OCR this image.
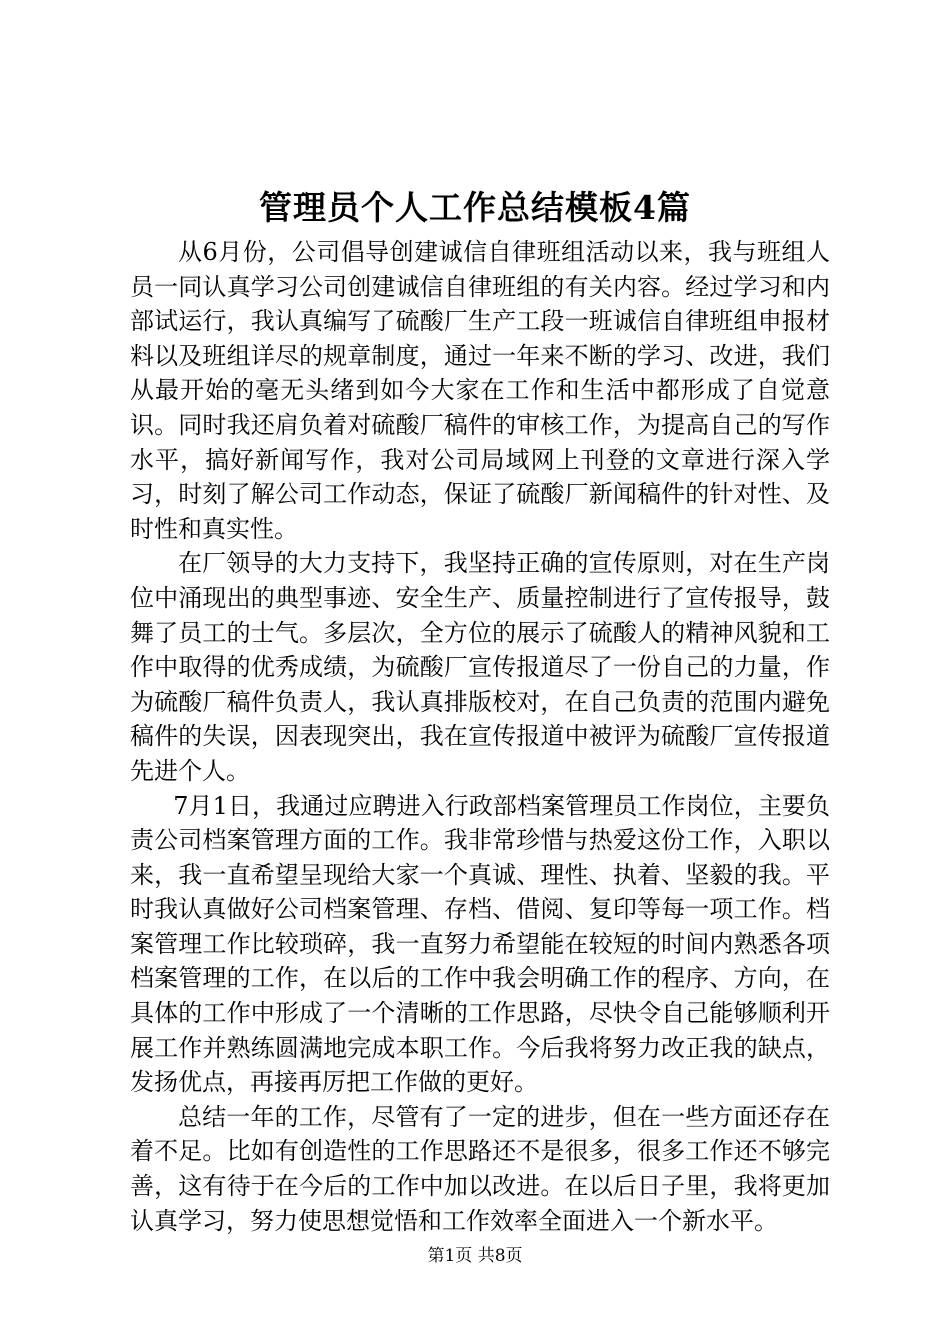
管理员个人工作总结模板4篇

从6月份，公司倡导创建诚信自律班组活动以来，我与班组人员一同认真学习公司创建诚信自律班组的有关内容。经过学习和内部试运行，我认真编写了硫酸厂生产工段一班诚信自律班组申报材料以及班组详尽的规章制度，通过一年来不断的学习、改进，我们从最开始的毫无头绪到如今大家在工作和生活中都形成了自觉意识。同时我还肩负着对硫酸厂稿件的审核工作，为提高自己的写作水平，搞好新闻写作，我对公司局域网上刊登的文章进行深入学习，时刻了解公司工作动态，保证了硫酸厂新闻稿件的针对性、及时性和真实性。

在厂领导的大力支持下，我坚持正确的宣传原则，对在生产岗位中涌现出的典型事迹、安全生产、质量控制进行了宣传报导，鼓舞了员工的士气。多层次，全方位的展示了硫酸人的精神风貌和工作中取得的优秀成绩，为硫酸厂宣传报道尽了一份自己的力量，作为硫酸厂稿件负责人，我认真排版校对，在自己负责的范围内避免稿件的失误，因表现突出，我在宣传报道中被评为硫酸厂宣传报道先进个人。

7月1日，我通过应聘进入行政部档案管理员工作岗位，主要负责公司档案管理方面的工作。我非常珍惜与热爱这份工作，入职以来，我一直希望呈现给大家一个真诚、理性、执着、坚毅的我。平时我认真做好公司档案管理、存档、借阅、复印等每一项工作。档案管理工作比较琐碎，我一直努力希望能在较短的时间内熟悉各项档案管理的工作，在以后的工作中我会明确工作的程序、方向，在具体的工作中形成了一个清晰的工作思路，尽快令自己能够顺利开展工作并熟练圆满地完成本职工作。今后我将努力改正我的缺点，发扬优点，再接再厉把工作做的更好。

总结一年的工作，尽管有了一定的进步，但在一些方面还存在着不足。比如有创造性的工作思路还不是很多，很多工作还不够完善，这有待于在今后的工作中加以改进。在以后日子里，我将更加认真学习，努力使思想觉悟和工作效率全面进入一个新水平。

第1页 共8页
